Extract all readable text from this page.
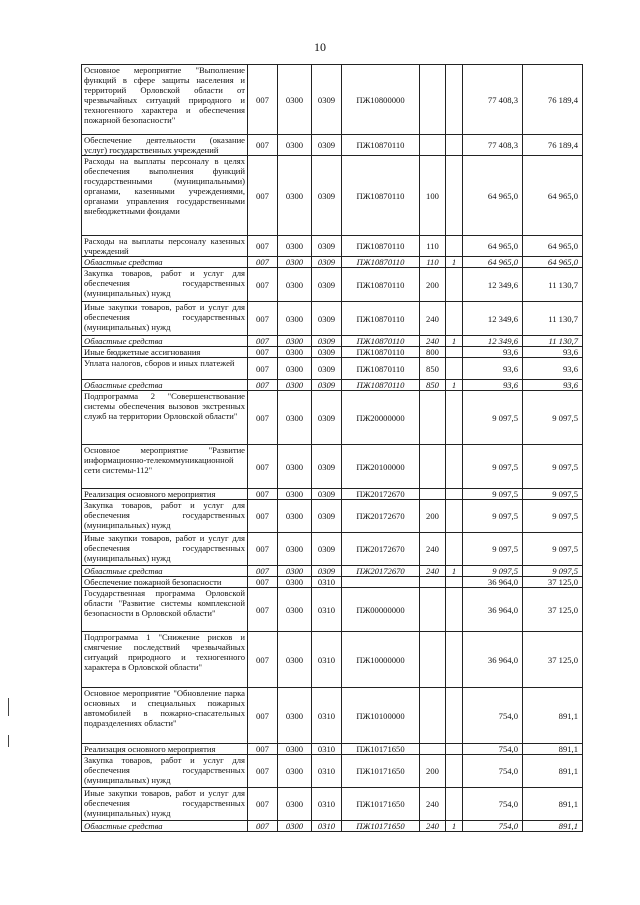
10
Основное мероприятие "Выполнение функций в сфере защиты населения и территорий Орловской области от чрезвычайных ситуаций природного и техногенного характера и обеспечения пожарной безопасности"	007	0300	0309	ПЖ10800000			77 408,3	76 189,4
Обеспечение деятельности (оказание услуг) государственных учреждений	007	0300	0309	ПЖ10870110			77 408,3	76 189,4
Расходы на выплаты персоналу в целях обеспечения выполнения функций государственными (муниципальными) органами, казенными учреждениями, органами управления государственными внебюджетными фондами	007	0300	0309	ПЖ10870110	100		64 965,0	64 965,0
Расходы на выплаты персоналу казенных учреждений	007	0300	0309	ПЖ10870110	110		64 965,0	64 965,0
Областные средства	007	0300	0309	ПЖ10870110	110	1	64 965,0	64 965,0
Закупка товаров, работ и услуг для обеспечения государственных (муниципальных) нужд	007	0300	0309	ПЖ10870110	200		12 349,6	11 130,7
Иные закупки товаров, работ и услуг для обеспечения государственных (муниципальных) нужд	007	0300	0309	ПЖ10870110	240		12 349,6	11 130,7
Областные средства	007	0300	0309	ПЖ10870110	240	1	12 349,6	11 130,7
Иные бюджетные ассигнования	007	0300	0309	ПЖ10870110	800		93,6	93,6
Уплата налогов, сборов и иных платежей	007	0300	0309	ПЖ10870110	850		93,6	93,6
Областные средства	007	0300	0309	ПЖ10870110	850	1	93,6	93,6
Подпрограмма 2 "Совершенствование системы обеспечения вызовов экстренных служб на территории Орловской области"	007	0300	0309	ПЖ20000000			9 097,5	9 097,5
Основное мероприятие "Развитие информационно-телекоммуникационной сети системы-112"	007	0300	0309	ПЖ20100000			9 097,5	9 097,5
Реализация основного мероприятия	007	0300	0309	ПЖ20172670			9 097,5	9 097,5
Закупка товаров, работ и услуг для обеспечения государственных (муниципальных) нужд	007	0300	0309	ПЖ20172670	200		9 097,5	9 097,5
Иные закупки товаров, работ и услуг для обеспечения государственных (муниципальных) нужд	007	0300	0309	ПЖ20172670	240		9 097,5	9 097,5
Областные средства	007	0300	0309	ПЖ20172670	240	1	9 097,5	9 097,5
Обеспечение пожарной безопасности	007	0300	0310				36 964,0	37 125,0
Государственная программа Орловской области "Развитие системы комплексной безопасности в Орловской области"	007	0300	0310	ПЖ00000000			36 964,0	37 125,0
Подпрограмма 1 "Снижение рисков и смягчение последствий чрезвычайных ситуаций природного и техногенного характера в Орловской области"	007	0300	0310	ПЖ10000000			36 964,0	37 125,0
Основное мероприятие "Обновление парка основных и специальных пожарных автомобилей в пожарно-спасательных подразделениях области"	007	0300	0310	ПЖ10100000			754,0	891,1
Реализация основного мероприятия	007	0300	0310	ПЖ10171650			754,0	891,1
Закупка товаров, работ и услуг для обеспечения государственных (муниципальных) нужд	007	0300	0310	ПЖ10171650	200		754,0	891,1
Иные закупки товаров, работ и услуг для обеспечения государственных (муниципальных) нужд	007	0300	0310	ПЖ10171650	240		754,0	891,1
Областные средства	007	0300	0310	ПЖ10171650	240	1	754,0	891,1
